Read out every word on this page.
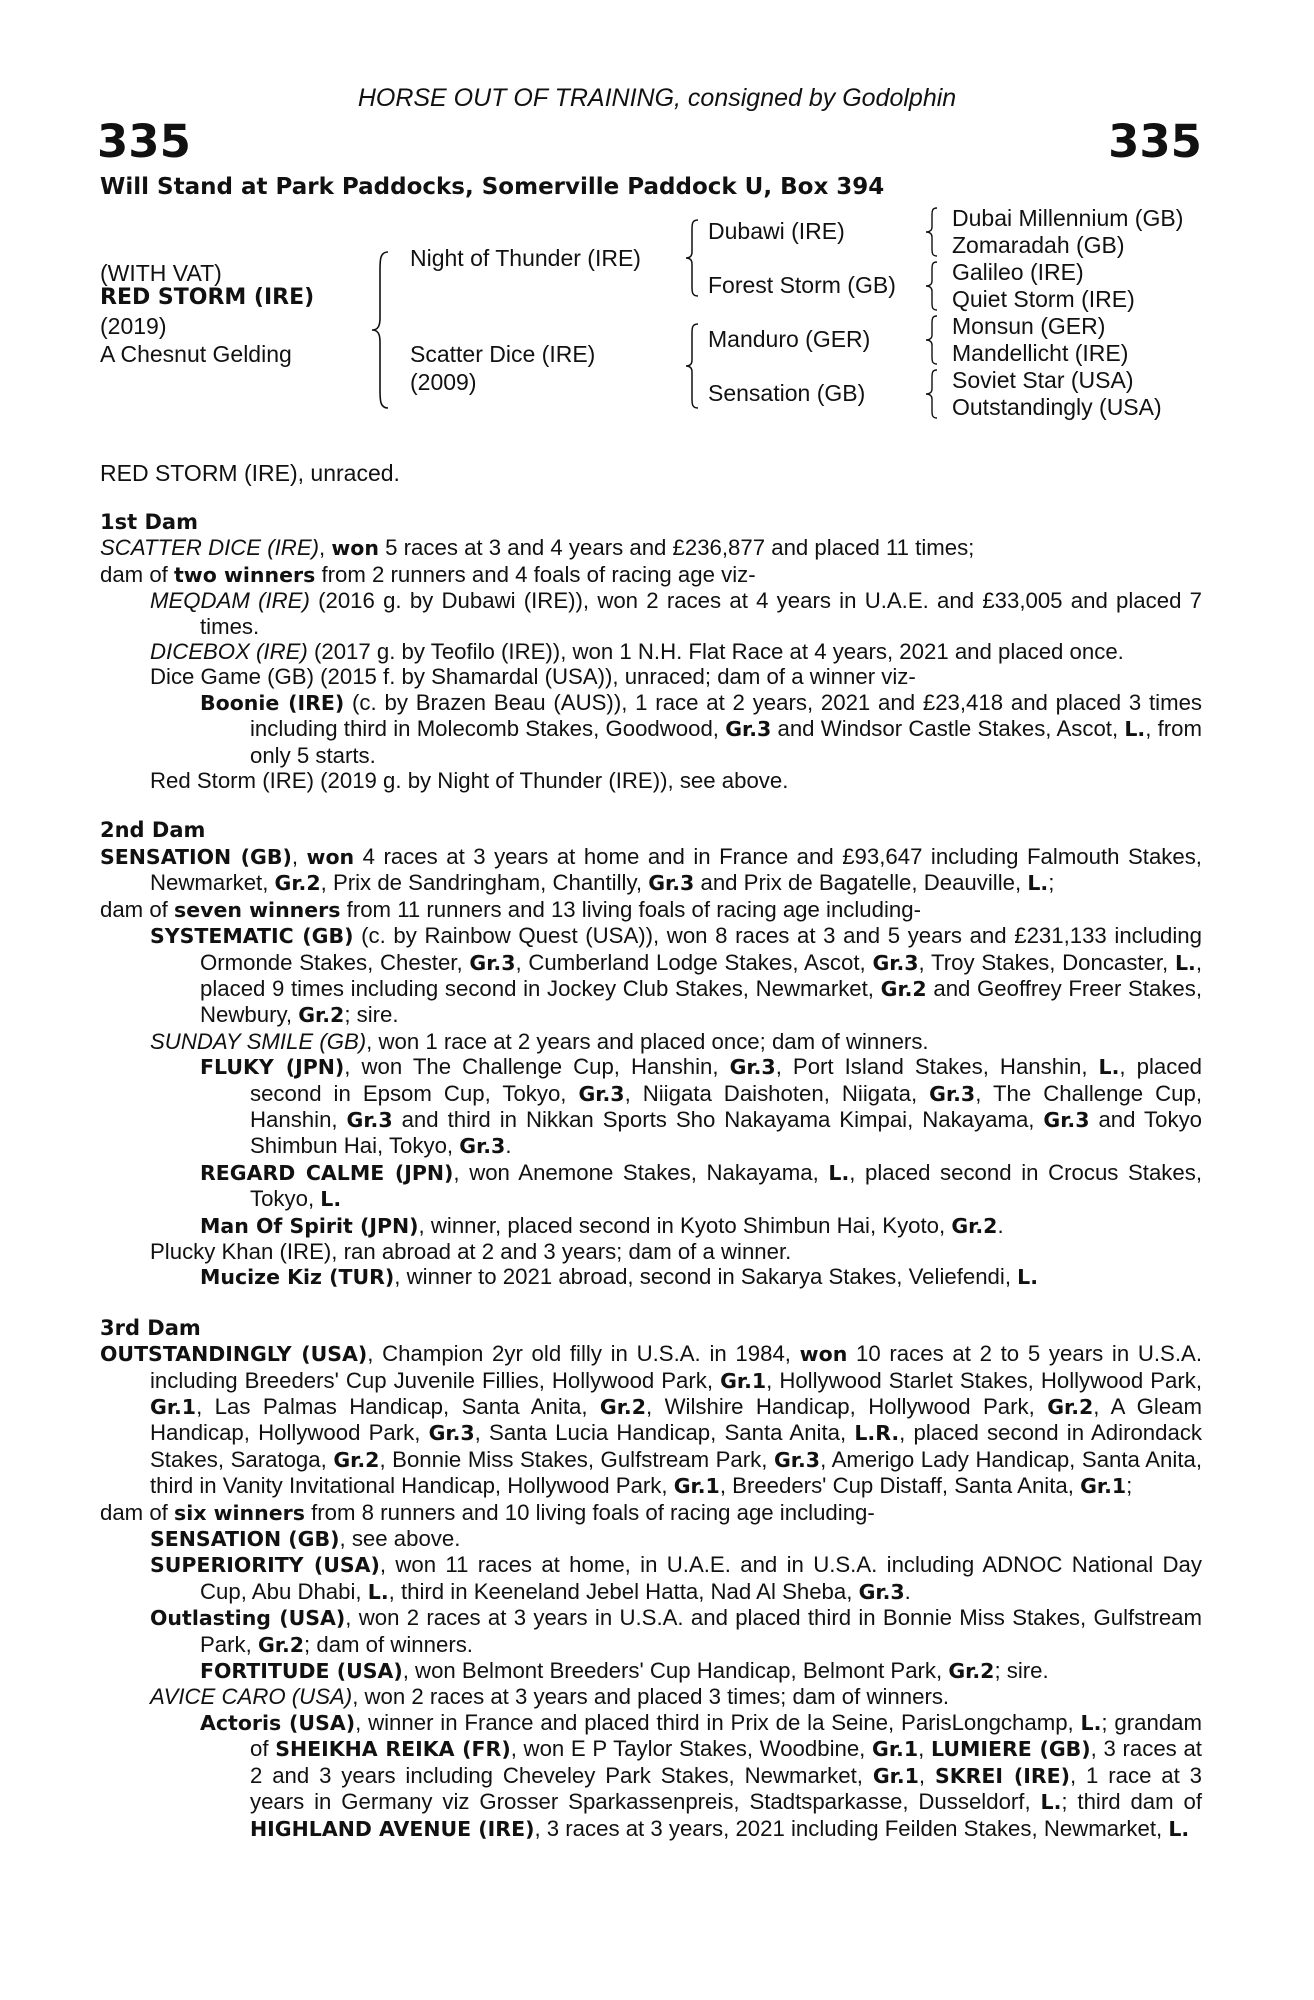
HORSE OUT OF TRAINING, consigned by Godolphin
335	335
Will Stand at Park Paddocks, Somerville Paddock U, Box 394
(WITH VAT)
RED STORM (IRE)
(2019)
A Chesnut Gelding
Night of Thunder (IRE)
Scatter Dice (IRE)
(2009)
Dubawi (IRE)
Forest Storm (GB)
Manduro (GER)
Sensation (GB)
Dubai Millennium (GB)
Zomaradah (GB)
Galileo (IRE)
Quiet Storm (IRE)
Monsun (GER)
Mandellicht (IRE)
Soviet Star (USA)
Outstandingly (USA)
RED STORM (IRE), unraced.
1st Dam
SCATTER DICE (IRE), won 5 races at 3 and 4 years and £236,877 and placed 11 times;
dam of two winners from 2 runners and 4 foals of racing age viz-
MEQDAM (IRE) (2016 g. by Dubawi (IRE)), won 2 races at 4 years in U.A.E. and £33,005 and placed 7 times.
DICEBOX (IRE) (2017 g. by Teofilo (IRE)), won 1 N.H. Flat Race at 4 years, 2021 and placed once.
Dice Game (GB) (2015 f. by Shamardal (USA)), unraced; dam of a winner viz-
Boonie (IRE) (c. by Brazen Beau (AUS)), 1 race at 2 years, 2021 and £23,418 and placed 3 times including third in Molecomb Stakes, Goodwood, Gr.3 and Windsor Castle Stakes, Ascot, L., from only 5 starts.
Red Storm (IRE) (2019 g. by Night of Thunder (IRE)), see above.
2nd Dam
SENSATION (GB), won 4 races at 3 years at home and in France and £93,647 including Falmouth Stakes, Newmarket, Gr.2, Prix de Sandringham, Chantilly, Gr.3 and Prix de Bagatelle, Deauville, L.;
dam of seven winners from 11 runners and 13 living foals of racing age including-
SYSTEMATIC (GB) (c. by Rainbow Quest (USA)), won 8 races at 3 and 5 years and £231,133 including Ormonde Stakes, Chester, Gr.3, Cumberland Lodge Stakes, Ascot, Gr.3, Troy Stakes, Doncaster, L., placed 9 times including second in Jockey Club Stakes, Newmarket, Gr.2 and Geoffrey Freer Stakes, Newbury, Gr.2; sire.
SUNDAY SMILE (GB), won 1 race at 2 years and placed once; dam of winners.
FLUKY (JPN), won The Challenge Cup, Hanshin, Gr.3, Port Island Stakes, Hanshin, L., placed second in Epsom Cup, Tokyo, Gr.3, Niigata Daishoten, Niigata, Gr.3, The Challenge Cup, Hanshin, Gr.3 and third in Nikkan Sports Sho Nakayama Kimpai, Nakayama, Gr.3 and Tokyo Shimbun Hai, Tokyo, Gr.3.
REGARD CALME (JPN), won Anemone Stakes, Nakayama, L., placed second in Crocus Stakes, Tokyo, L.
Man Of Spirit (JPN), winner, placed second in Kyoto Shimbun Hai, Kyoto, Gr.2.
Plucky Khan (IRE), ran abroad at 2 and 3 years; dam of a winner.
Mucize Kiz (TUR), winner to 2021 abroad, second in Sakarya Stakes, Veliefendi, L.
3rd Dam
OUTSTANDINGLY (USA), Champion 2yr old filly in U.S.A. in 1984, won 10 races at 2 to 5 years in U.S.A. including Breeders' Cup Juvenile Fillies, Hollywood Park, Gr.1, Hollywood Starlet Stakes, Hollywood Park, Gr.1, Las Palmas Handicap, Santa Anita, Gr.2, Wilshire Handicap, Hollywood Park, Gr.2, A Gleam Handicap, Hollywood Park, Gr.3, Santa Lucia Handicap, Santa Anita, L.R., placed second in Adirondack Stakes, Saratoga, Gr.2, Bonnie Miss Stakes, Gulfstream Park, Gr.3, Amerigo Lady Handicap, Santa Anita, third in Vanity Invitational Handicap, Hollywood Park, Gr.1, Breeders' Cup Distaff, Santa Anita, Gr.1;
dam of six winners from 8 runners and 10 living foals of racing age including-
SENSATION (GB), see above.
SUPERIORITY (USA), won 11 races at home, in U.A.E. and in U.S.A. including ADNOC National Day Cup, Abu Dhabi, L., third in Keeneland Jebel Hatta, Nad Al Sheba, Gr.3.
Outlasting (USA), won 2 races at 3 years in U.S.A. and placed third in Bonnie Miss Stakes, Gulfstream Park, Gr.2; dam of winners.
FORTITUDE (USA), won Belmont Breeders' Cup Handicap, Belmont Park, Gr.2; sire.
AVICE CARO (USA), won 2 races at 3 years and placed 3 times; dam of winners.
Actoris (USA), winner in France and placed third in Prix de la Seine, ParisLongchamp, L.; grandam of SHEIKHA REIKA (FR), won E P Taylor Stakes, Woodbine, Gr.1, LUMIERE (GB), 3 races at 2 and 3 years including Cheveley Park Stakes, Newmarket, Gr.1, SKREI (IRE), 1 race at 3 years in Germany viz Grosser Sparkassenpreis, Stadtsparkasse, Dusseldorf, L.; third dam of HIGHLAND AVENUE (IRE), 3 races at 3 years, 2021 including Feilden Stakes, Newmarket, L.
